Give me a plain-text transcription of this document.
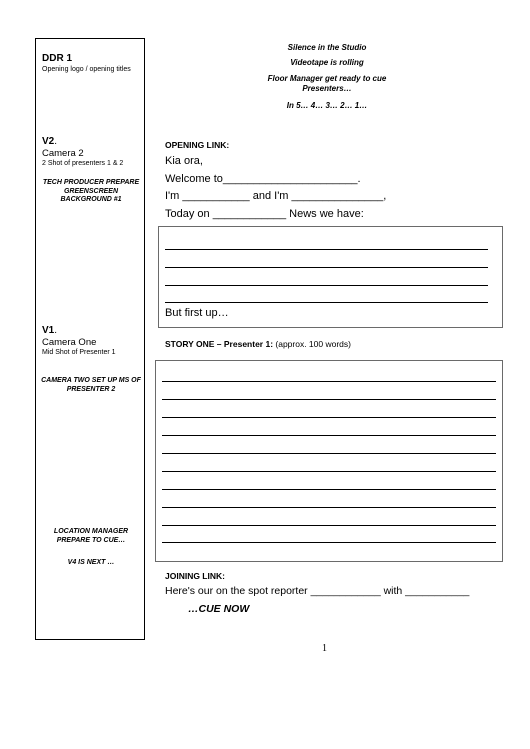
DDR 1
Opening logo / opening titles
V2.
Camera 2
2 Shot of presenters 1 & 2
TECH PRODUCER PREPARE GREENSCREEN BACKGROUND #1
V1.
Camera One
Mid Shot of Presenter 1
CAMERA TWO SET UP MS OF PRESENTER 2
LOCATION MANAGER PREPARE TO CUE…
V4 IS NEXT …
Silence in the Studio
Videotape is rolling
Floor Manager get ready to cue Presenters…
In 5… 4… 3… 2… 1…
OPENING LINK:
Kia ora,
Welcome to______________________.
I'm ___________ and I'm _______________,
Today on ____________ News we have:
But first up…
STORY ONE – Presenter 1: (approx. 100 words)
JOINING LINK:
Here's our on the spot reporter ____________ with ___________
…CUE NOW
1
